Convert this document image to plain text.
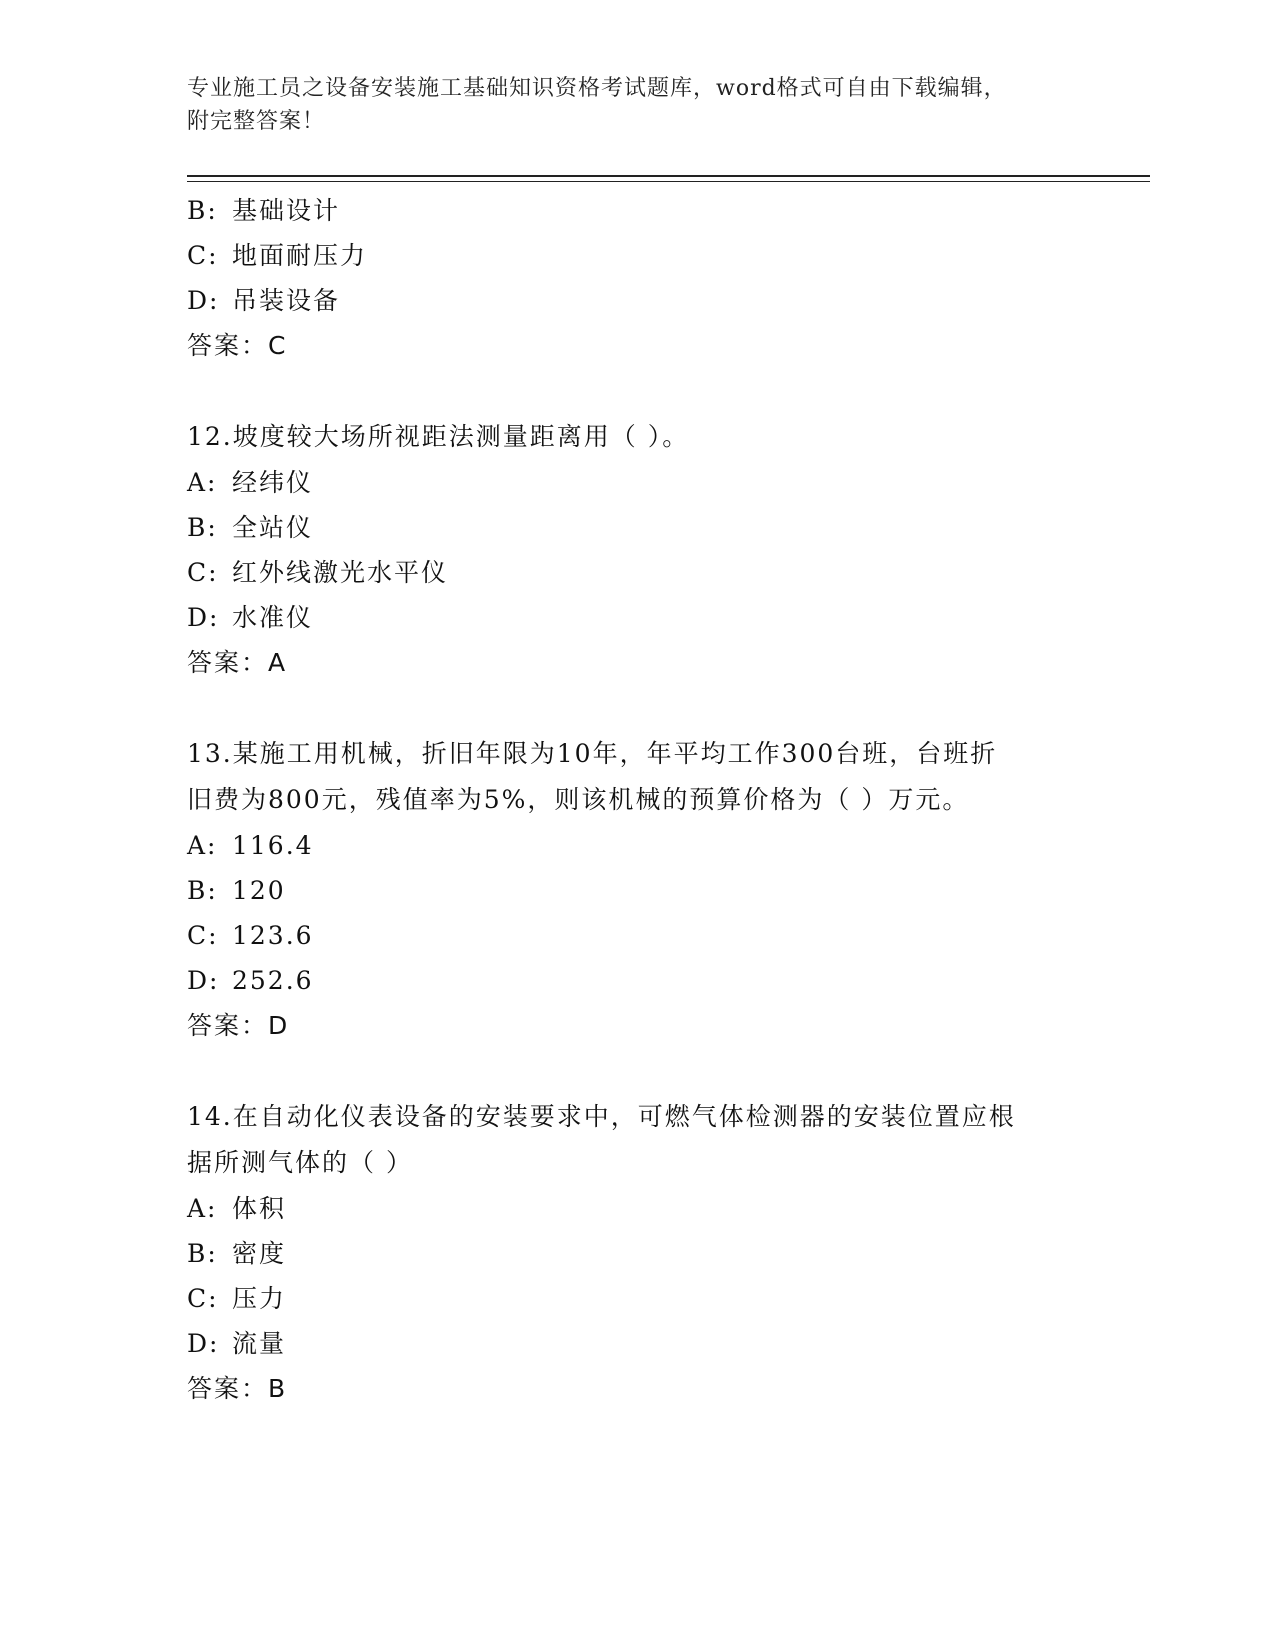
专业施工员之设备安装施工基础知识资格考试题库，word格式可自由下载编辑，
附完整答案！
B: 基础设计
C: 地面耐压力
D: 吊装设备
答案：C
12.坡度较大场所视距法测量距离用（ ）。
A: 经纬仪
B: 全站仪
C: 红外线激光水平仪
D: 水准仪
答案：A
13.某施工用机械，折旧年限为10年，年平均工作300台班，台班折
旧费为800元，残值率为5%，则该机械的预算价格为（ ）万元。
A: 116.4
B: 120
C: 123.6
D: 252.6
答案：D
14.在自动化仪表设备的安装要求中，可燃气体检测器的安装位置应根
据所测气体的（ ）
A: 体积
B: 密度
C: 压力
D: 流量
答案：B
